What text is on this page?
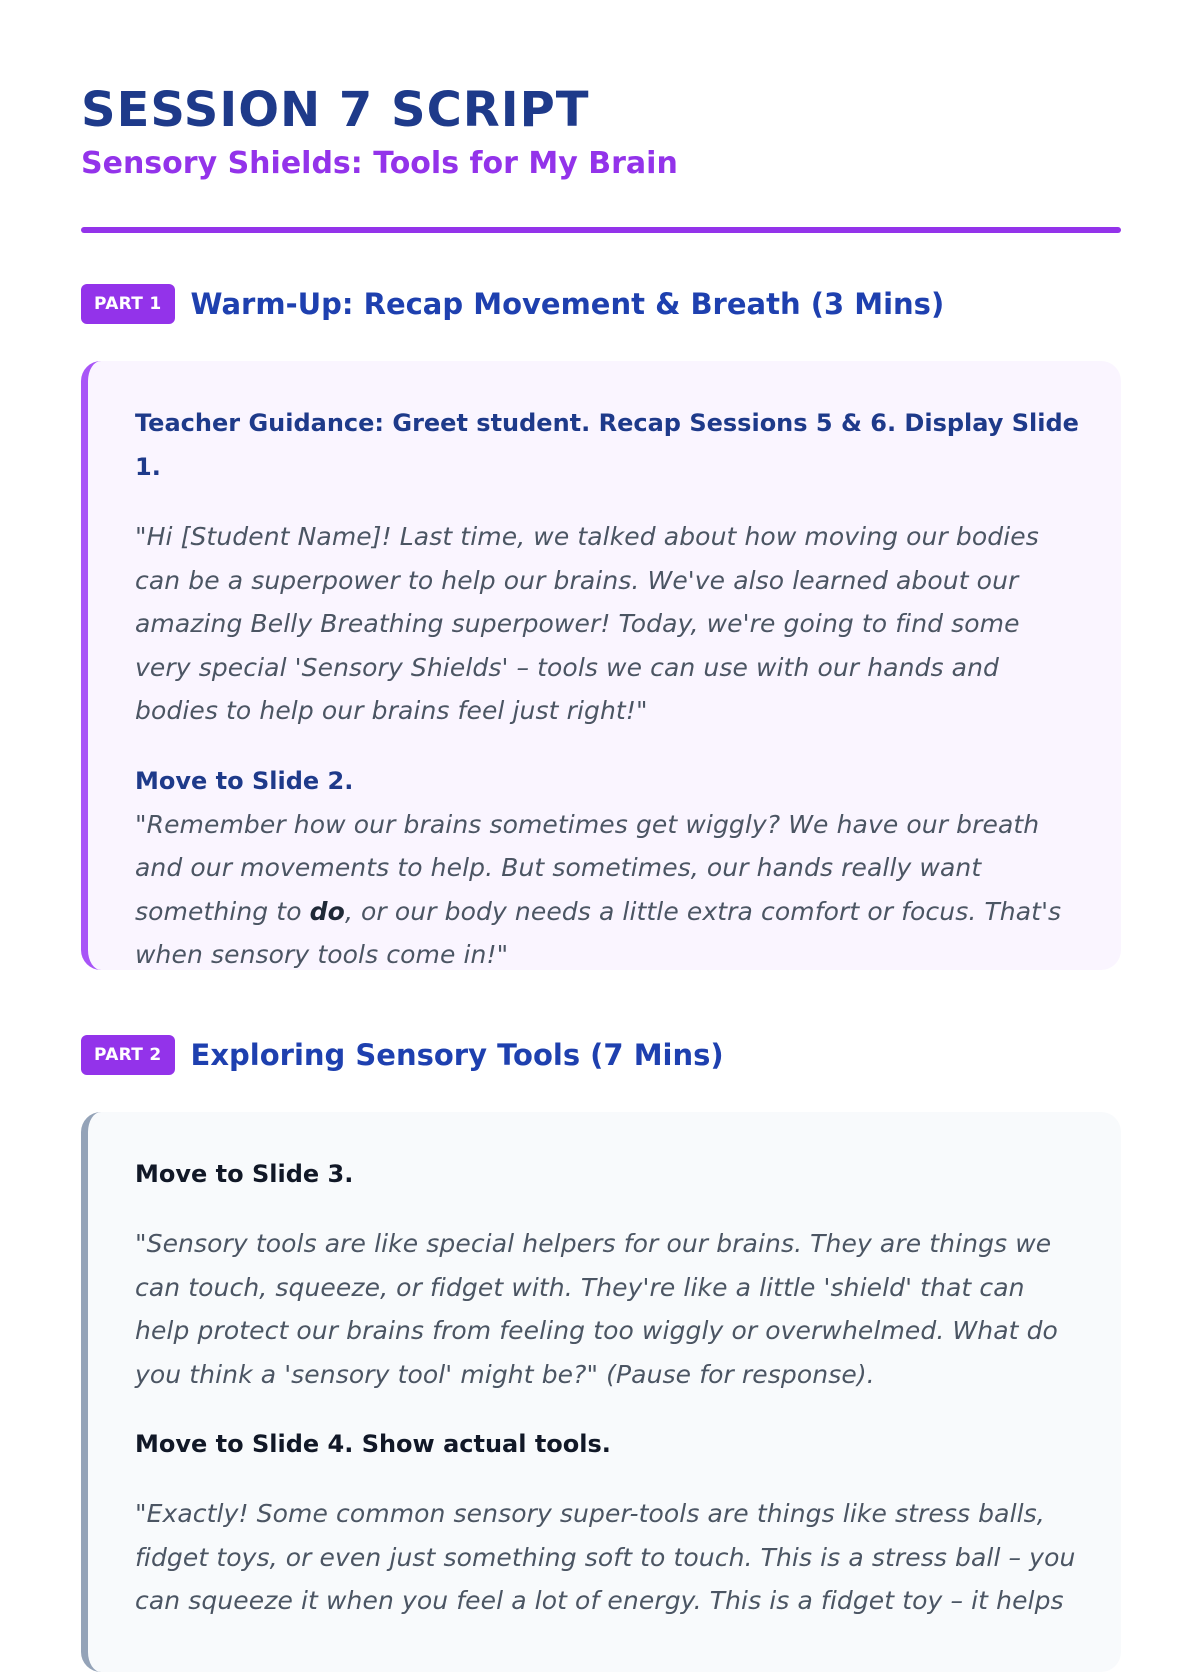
SESSION 7 SCRIPT
Sensory Shields: Tools for My Brain
PART 1	Warm-Up: Recap Movement & Breath (3 Mins)

Teacher Guidance: Greet student. Recap Sessions 5 & 6. Display Slide 1.

"Hi [Student Name]! Last time, we talked about how moving our bodies can be a superpower to help our brains. We've also learned about our amazing Belly Breathing superpower! Today, we're going to find some very special 'Sensory Shields' – tools we can use with our hands and bodies to help our brains feel just right!"

Move to Slide 2.

"Remember how our brains sometimes get wiggly? We have our breath and our movements to help. But sometimes, our hands really want something to do, or our body needs a little extra comfort or focus. That's when sensory tools come in!"

PART 2	Exploring Sensory Tools (7 Mins)

Move to Slide 3.

"Sensory tools are like special helpers for our brains. They are things we can touch, squeeze, or fidget with. They're like a little 'shield' that can help protect our brains from feeling too wiggly or overwhelmed. What do you think a 'sensory tool' might be?" (Pause for response).

Move to Slide 4. Show actual tools.

"Exactly! Some common sensory super-tools are things like stress balls, fidget toys, or even just something soft to touch. This is a stress ball – you can squeeze it when you feel a lot of energy. This is a fidget toy – it helps
